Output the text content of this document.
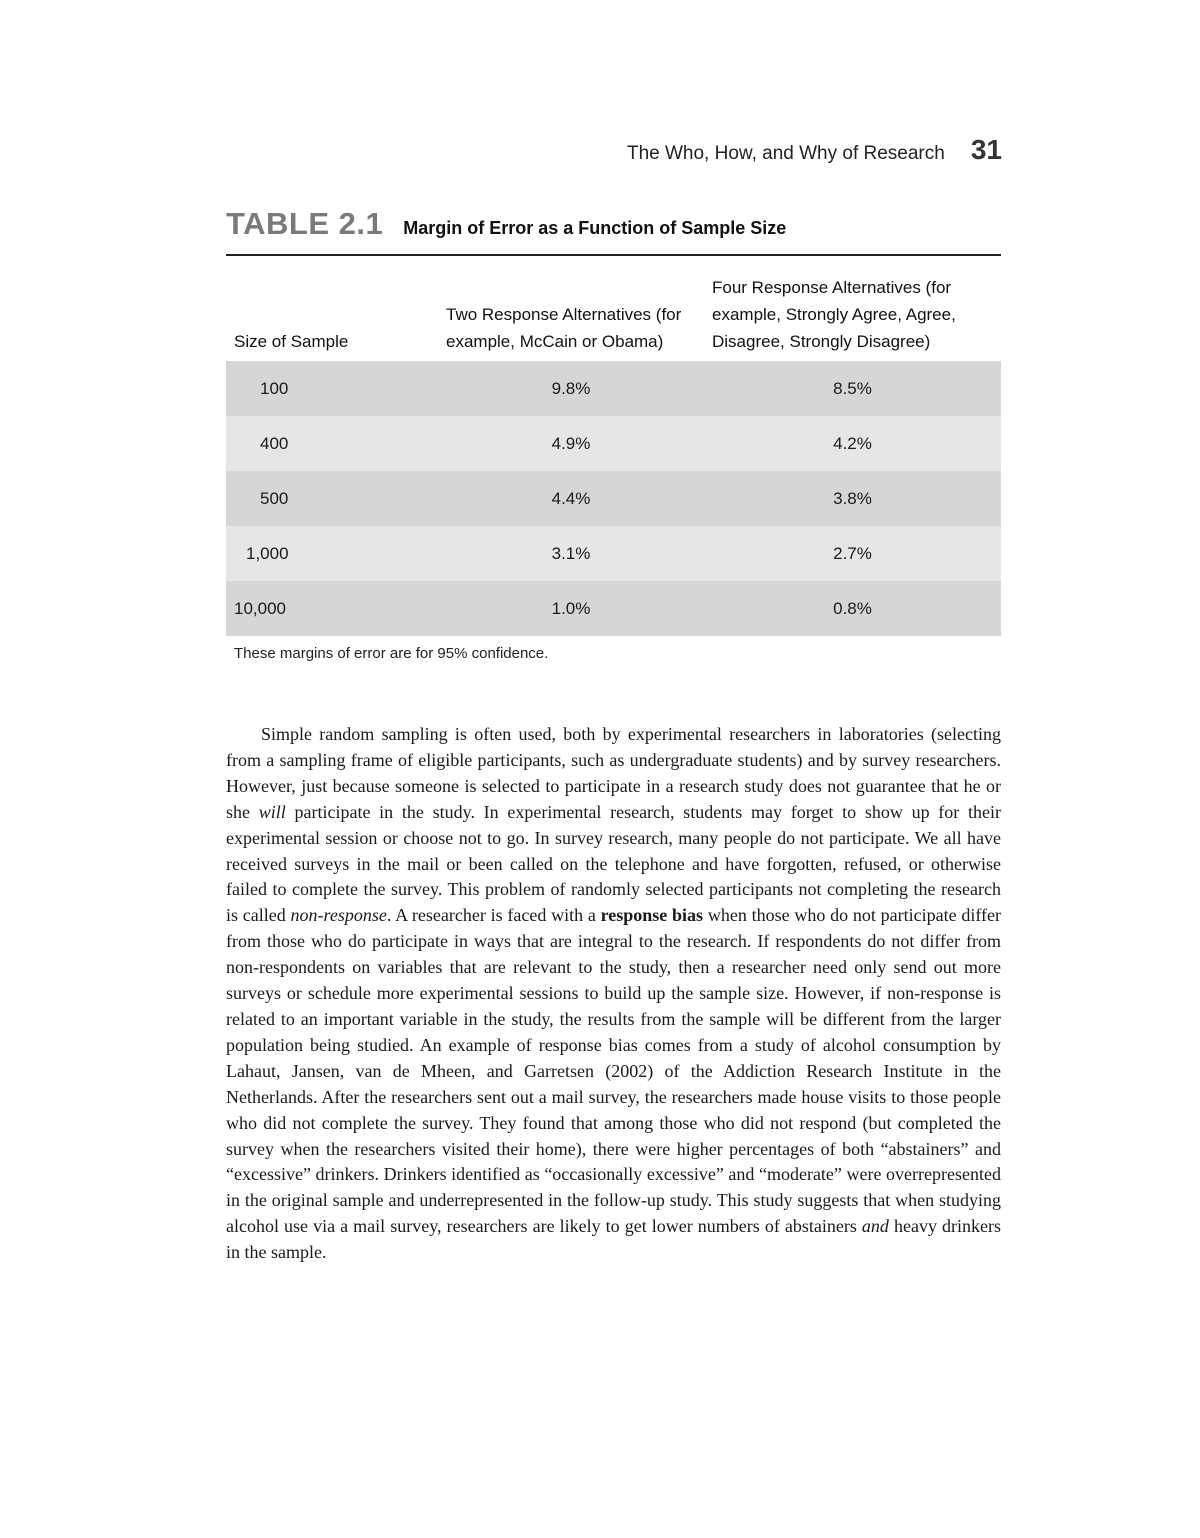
The Who, How, and Why of Research 31
TABLE 2.1 Margin of Error as a Function of Sample Size
Size of Sample	Two Response Alternatives (for example, McCain or Obama)	Four Response Alternatives (for example, Strongly Agree, Agree, Disagree, Strongly Disagree)
100	9.8%	8.5%
400	4.9%	4.2%
500	4.4%	3.8%
1,000	3.1%	2.7%
10,000	1.0%	0.8%
These margins of error are for 95% confidence.

Simple random sampling is often used, both by experimental researchers in laboratories (selecting from a sampling frame of eligible participants, such as undergraduate students) and by survey researchers. However, just because someone is selected to participate in a research study does not guarantee that he or she will participate in the study. In experimental research, students may forget to show up for their experimental session or choose not to go. In survey research, many people do not participate. We all have received surveys in the mail or been called on the telephone and have forgotten, refused, or otherwise failed to complete the survey. This problem of randomly selected participants not completing the research is called non-response. A researcher is faced with a response bias when those who do not participate differ from those who do participate in ways that are integral to the research. If respondents do not differ from non-respondents on variables that are relevant to the study, then a researcher need only send out more surveys or schedule more experimental sessions to build up the sample size. However, if non-response is related to an important variable in the study, the results from the sample will be different from the larger population being studied. An example of response bias comes from a study of alcohol consumption by Lahaut, Jansen, van de Mheen, and Garretsen (2002) of the Addiction Research Institute in the Netherlands. After the researchers sent out a mail survey, the researchers made house visits to those people who did not complete the survey. They found that among those who did not respond (but completed the survey when the researchers visited their home), there were higher percentages of both “abstainers” and “excessive” drinkers. Drinkers identified as “occasionally excessive” and “moderate” were overrepresented in the original sample and underrepresented in the follow-up study. This study suggests that when studying alcohol use via a mail survey, researchers are likely to get lower numbers of abstainers and heavy drinkers in the sample.
